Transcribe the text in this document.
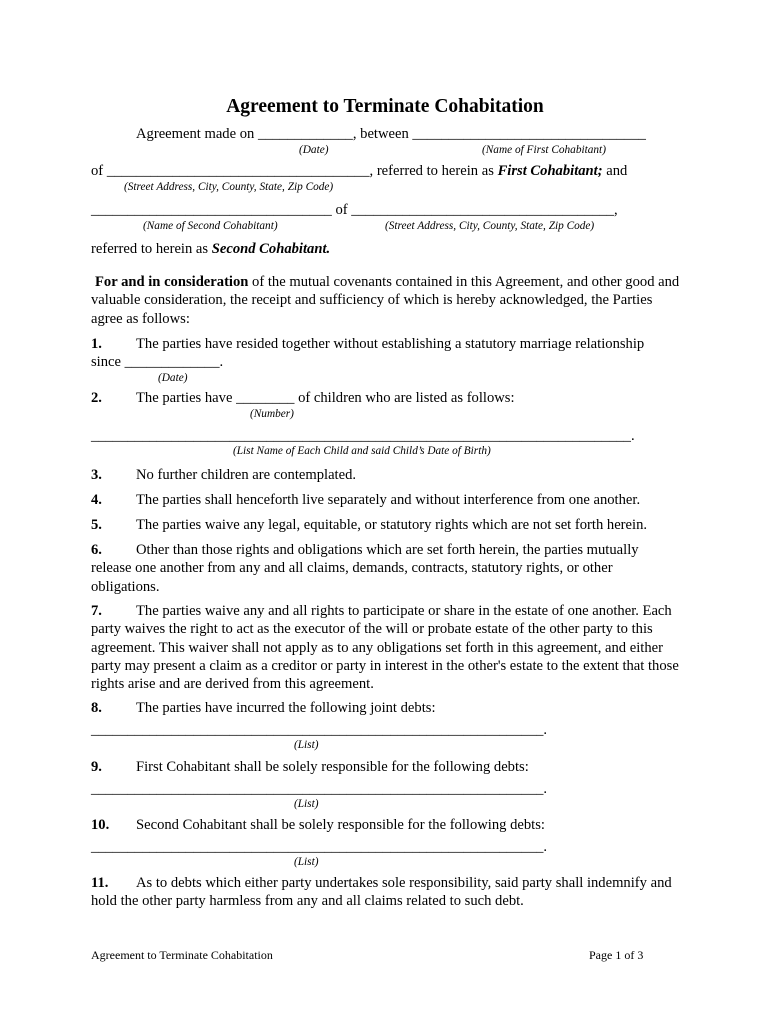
Agreement to Terminate Cohabitation
Agreement made on _____________, between ________________________________
(Date)	(Name of First Cohabitant)
of ____________________________________, referred to herein as First Cohabitant; and
(Street Address, City, County, State, Zip Code)
_________________________________ of ____________________________________,
(Name of Second Cohabitant)	(Street Address, City, County, State, Zip Code)
referred to herein as Second Cohabitant.
For and in consideration of the mutual covenants contained in this Agreement, and other good and valuable consideration, the receipt and sufficiency of which is hereby acknowledged, the Parties agree as follows:
1. The parties have resided together without establishing a statutory marriage relationship
since _____________.
(Date)
2. The parties have ________ of children who are listed as follows:
(Number)
__________________________________________________________________________.
(List Name of Each Child and said Child’s Date of Birth)
3. No further children are contemplated.
4. The parties shall henceforth live separately and without interference from one another.
5. The parties waive any legal, equitable, or statutory rights which are not set forth herein.
6. Other than those rights and obligations which are set forth herein, the parties mutually release one another from any and all claims, demands, contracts, statutory rights, or other obligations.
7. The parties waive any and all rights to participate or share in the estate of one another. Each party waives the right to act as the executor of the will or probate estate of the other party to this agreement. This waiver shall not apply as to any obligations set forth in this agreement, and either party may present a claim as a creditor or party in interest in the other's estate to the extent that those rights arise and are derived from this agreement.
8. The parties have incurred the following joint debts:
______________________________________________________________.
(List)
9. First Cohabitant shall be solely responsible for the following debts:
______________________________________________________________.
(List)
10. Second Cohabitant shall be solely responsible for the following debts:
______________________________________________________________.
(List)
11. As to debts which either party undertakes sole responsibility, said party shall indemnify and hold the other party harmless from any and all claims related to such debt.
Agreement to Terminate Cohabitation	Page 1 of 3
